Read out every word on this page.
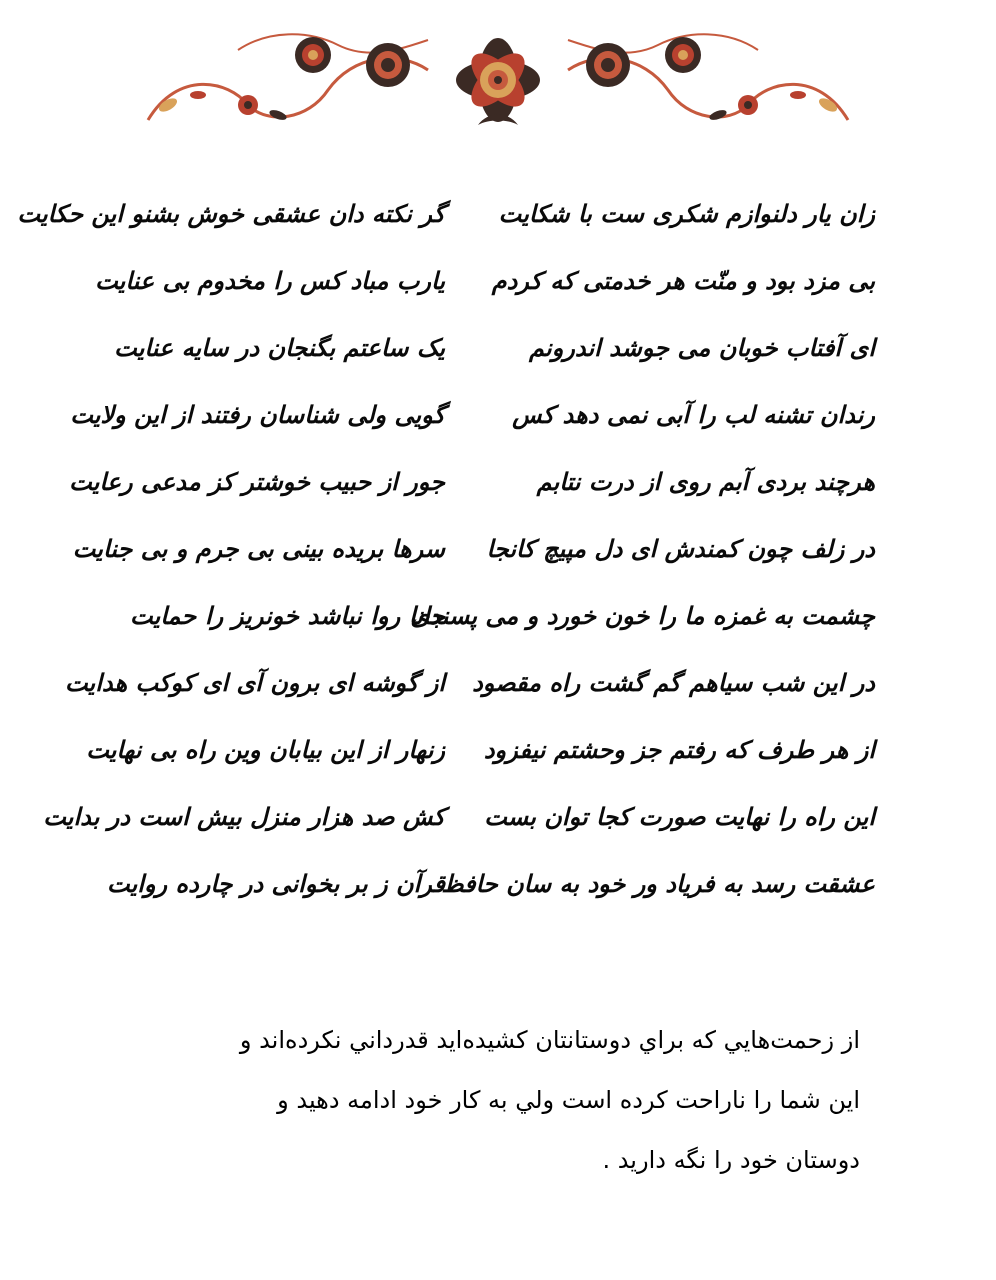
زان یار دلنوازم شکری ست با شکایت
گر نکته دان عشقی خوش بشنو این حکایت
بی مزد بود و منّت هر خدمتی که کردم
یارب مباد کس را مخدوم بی عنایت
ای آفتاب خوبان می جوشد اندرونم
یک ساعتم بگنجان در سایه عنایت
رندان تشنه لب را آبی نمی دهد کس
گویی ولی شناسان رفتند از این ولایت
هرچند بردی آبم روی از درت نتابم
جور از حبیب خوشتر کز مدعی رعایت
در زلف چون کمندش ای دل مپیچ کانجا
سرها بریده بینی بی جرم و بی جنایت
چشمت به غمزه ما را خون خورد و می پسندی
جانا روا نباشد خونریز را حمایت
در این شب سیاهم گم گشت راه مقصود
از گوشه ای برون آی ای کوکب هدایت
از هر طرف که رفتم جز وحشتم نیفزود
زنهار از این بیابان وین راه بی نهایت
این راه را نهایت صورت کجا توان بست
کش صد هزار منزل بیش است در بدایت
عشقت رسد به فریاد ور خود به سان حافظ
قرآن ز بر بخوانی در چارده روایت

از زحمت‌هايي كه براي دوستانتان كشيده‌ايد قدرداني نكرده‌اند و

اين شما را ناراحت كرده است ولي به كار خود ادامه دهيد و

دوستان خود را نگه داريد .
